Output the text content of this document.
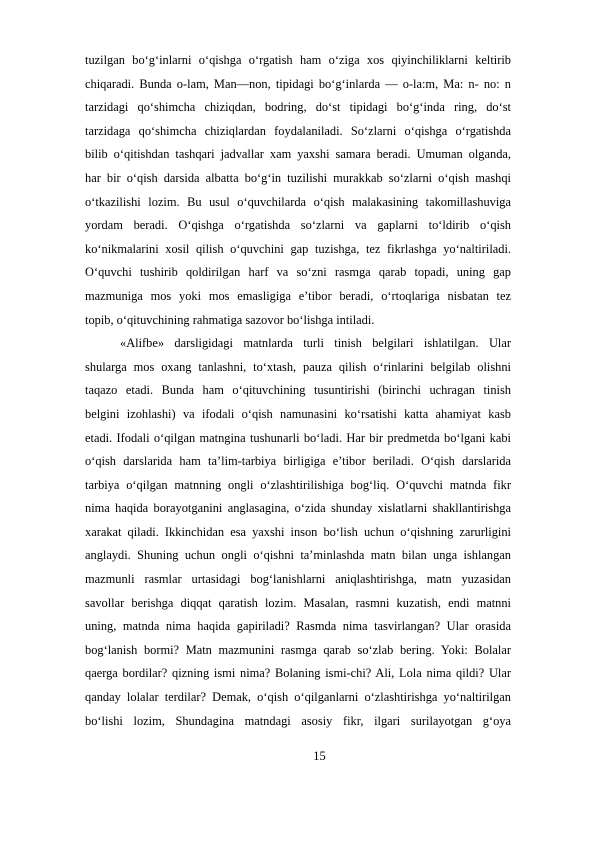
tuzilgan bo‘g‘inlarni o‘qishga o‘rgatish ham o‘ziga xos qiyinchiliklarni keltirib
chiqaradi. Bunda o-lam, Man—non, tipidagi bo‘g‘inlarda — o-la:m, Ma: n- no: n
tarzidagi qo‘shimcha chiziqdan, bodring, do‘st tipidagi bo‘g‘inda ring, do‘st
tarzidaga qo‘shimcha chiziqlardan foydalaniladi. So‘zlarni o‘qishga o‘rgatishda
bilib o‘qitishdan tashqari jadvallar xam yaxshi samara beradi. Umuman olganda,
har bir o‘qish darsida albatta bo‘g‘in tuzilishi murakkab so‘zlarni o‘qish mashqi
o‘tkazilishi lozim. Bu usul o‘quvchilarda o‘qish malakasining takomillashuviga
yordam beradi. O‘qishga o‘rgatishda so‘zlarni va gaplarni to‘ldirib o‘qish
ko‘nikmalarini xosil qilish o‘quvchini gap tuzishga, tez fikrlashga yo‘naltiriladi.
O‘quvchi tushirib qoldirilgan harf va so‘zni rasmga qarab topadi, uning gap
mazmuniga mos yoki mos emasligiga e’tibor beradi, o‘rtoqlariga nisbatan tez
topib, o‘qituvchining rahmatiga sazovor bo‘lishga intiladi.
«Alifbe» darsligidagi matnlarda turli tinish belgilari ishlatilgan. Ular
shularga mos oxang tanlashni, to‘xtash, pauza qilish o‘rinlarini belgilab olishni
taqazo etadi. Bunda ham o‘qituvchining tusuntirishi (birinchi uchragan tinish
belgini izohlashi) va ifodali o‘qish namunasini ko‘rsatishi katta ahamiyat kasb
etadi. Ifodali o‘qilgan matngina tushunarli bo‘ladi. Har bir predmetda bo‘lgani kabi
o‘qish darslarida ham ta’lim-tarbiya birligiga e’tibor beriladi. O‘qish darslarida
tarbiya o‘qilgan matnning ongli o‘zlashtirilishiga bog‘liq. O‘quvchi matnda fikr
nima haqida borayotganini anglasagina, o‘zida shunday xislatlarni shakllantirishga
xarakat qiladi. Ikkinchidan esa yaxshi inson bo‘lish uchun o‘qishning zarurligini
anglaydi. Shuning uchun ongli o‘qishni ta’minlashda matn bilan unga ishlangan
mazmunli rasmlar urtasidagi bog‘lanishlarni aniqlashtirishga, matn yuzasidan
savollar berishga diqqat qaratish lozim. Masalan, rasmni kuzatish, endi matnni
uning, matnda nima haqida gapiriladi? Rasmda nima tasvirlangan? Ular orasida
bog‘lanish bormi? Matn mazmunini rasmga qarab so‘zlab bering. Yoki: Bolalar
qaerga bordilar? qizning ismi nima? Bolaning ismi-chi? Ali, Lola nima qildi? Ular
qanday lolalar terdilar? Demak, o‘qish o‘qilganlarni o‘zlashtirishga yo‘naltirilgan
bo‘lishi lozim, Shundagina matndagi asosiy fikr, ilgari surilayotgan g‘oya
15
